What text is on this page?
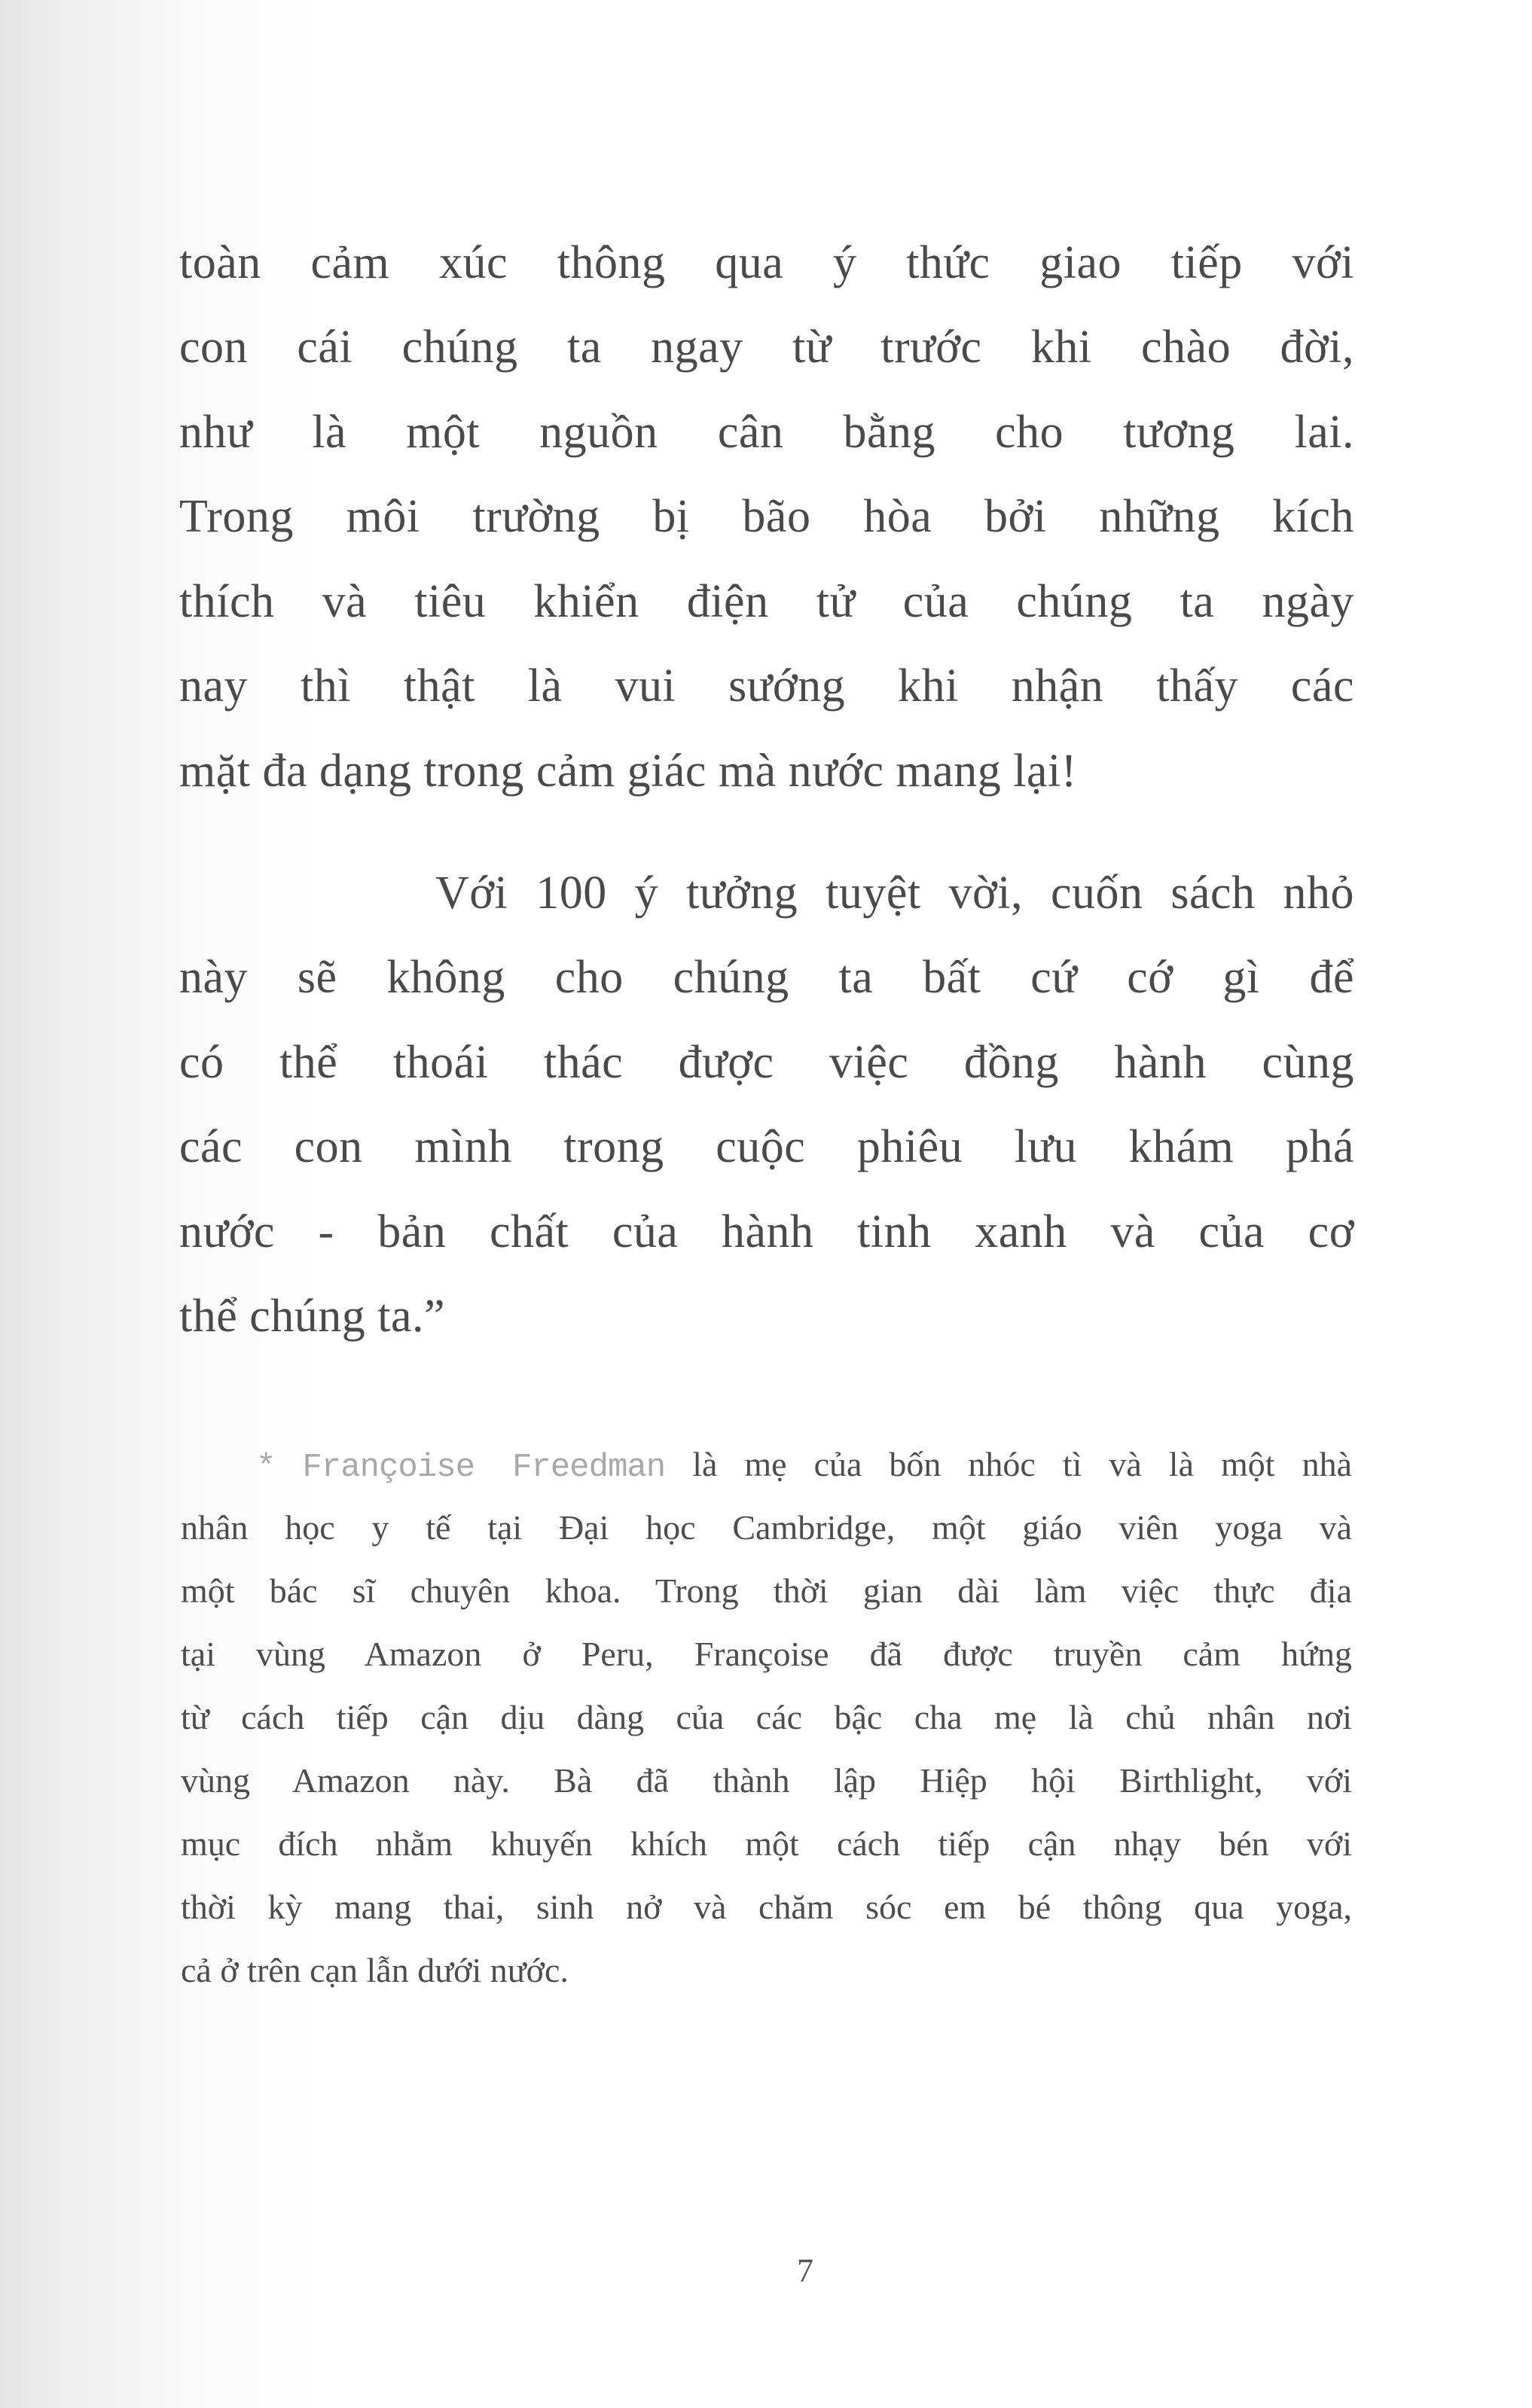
toàn cảm xúc thông qua ý thức giao tiếp với
con cái chúng ta ngay từ trước khi chào đời,
như là một nguồn cân bằng cho tương lai.
Trong môi trường bị bão hòa bởi những kích
thích và tiêu khiển điện tử của chúng ta ngày
nay thì thật là vui sướng khi nhận thấy các
mặt đa dạng trong cảm giác mà nước mang lại!
Với 100 ý tưởng tuyệt vời, cuốn sách nhỏ
này sẽ không cho chúng ta bất cứ cớ gì để
có thể thoái thác được việc đồng hành cùng
các con mình trong cuộc phiêu lưu khám phá
nước - bản chất của hành tinh xanh và của cơ
thể chúng ta.”
* Françoise Freedman là mẹ của bốn nhóc tì và là một nhà
nhân học y tế tại Đại học Cambridge, một giáo viên yoga và
một bác sĩ chuyên khoa. Trong thời gian dài làm việc thực địa
tại vùng Amazon ở Peru, Françoise đã được truyền cảm hứng
từ cách tiếp cận dịu dàng của các bậc cha mẹ là chủ nhân nơi
vùng Amazon này. Bà đã thành lập Hiệp hội Birthlight, với
mục đích nhằm khuyến khích một cách tiếp cận nhạy bén với
thời kỳ mang thai, sinh nở và chăm sóc em bé thông qua yoga,
cả ở trên cạn lẫn dưới nước.
7
